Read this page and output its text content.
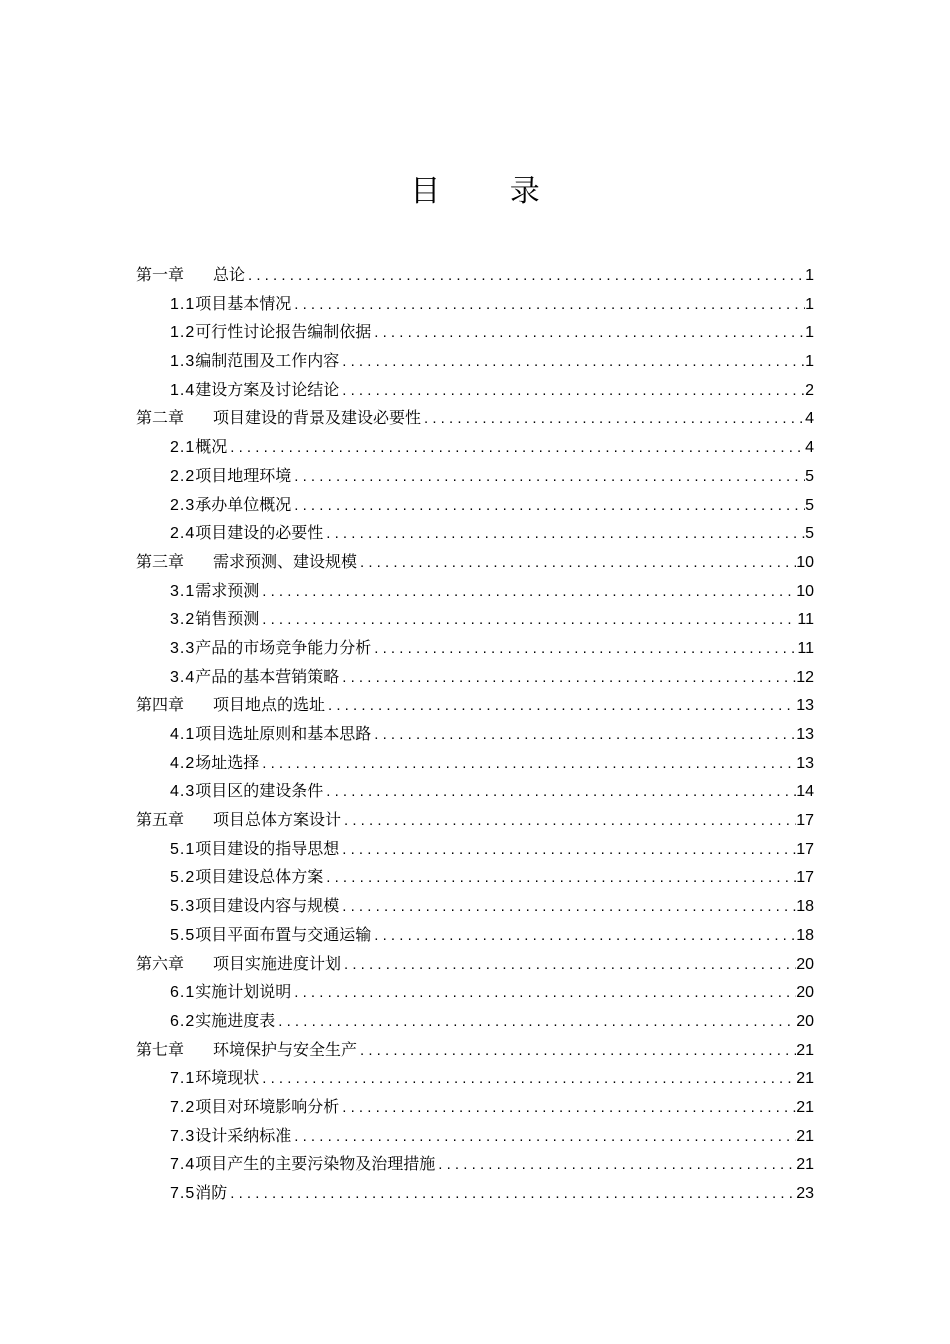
目 录
第一章 总论 . . .	1
1.1项目基本情况 . . .	1
1.2可行性讨论报告编制依据 . . .	1
1.3编制范围及工作内容 . . .	1
1.4建设方案及讨论结论 . . .	2
第二章 项目建设的背景及建设必要性 . . .	4
2.1概况 . . .	4
2.2项目地理环境 . . .	5
2.3承办单位概况 . . .	5
2.4项目建设的必要性 . . .	5
第三章 需求预测、建设规模 . . .	10
3.1需求预测 . . .	10
3.2销售预测 . . .	11
3.3产品的市场竞争能力分析 . . .	11
3.4产品的基本营销策略 . . .	12
第四章 项目地点的选址 . . .	13
4.1项目选址原则和基本思路 . . .	13
4.2场址选择 . . .	13
4.3项目区的建设条件 . . .	14
第五章 项目总体方案设计 . . .	17
5.1项目建设的指导思想 . . .	17
5.2项目建设总体方案 . . .	17
5.3项目建设内容与规模 . . .	18
5.5项目平面布置与交通运输 . . .	18
第六章 项目实施进度计划 . . .	20
6.1实施计划说明 . . .	20
6.2实施进度表 . . .	20
第七章 环境保护与安全生产 . . .	21
7.1环境现状 . . .	21
7.2项目对环境影响分析 . . .	21
7.3设计采纳标准 . . .	21
7.4项目产生的主要污染物及治理措施 . . .	21
7.5消防 . . .	23
